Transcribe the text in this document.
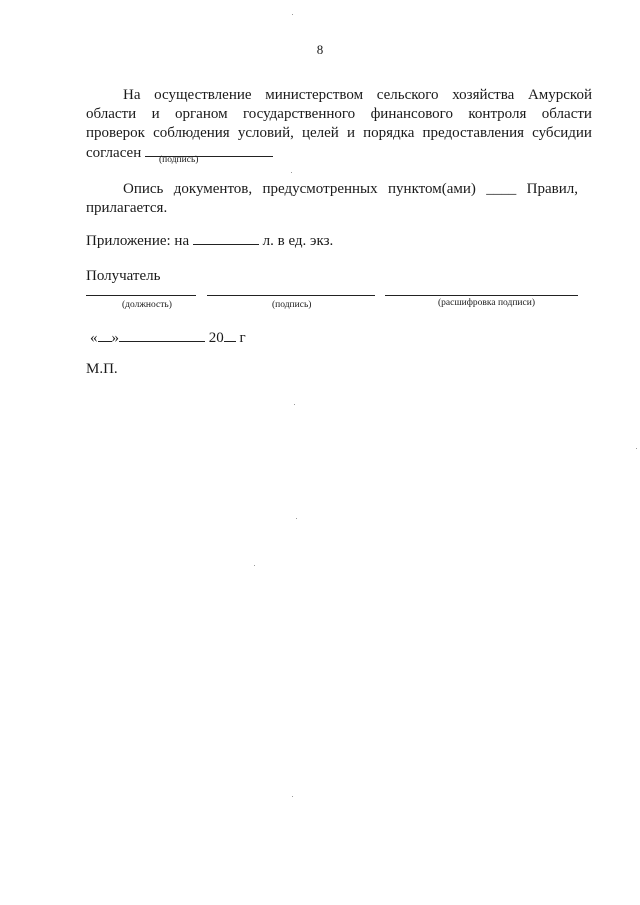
8
На осуществление министерством сельского хозяйства Амурской
области и органом государственного финансового контроля области
проверок соблюдения условий, целей и порядка предоставления субсидии
согласен	(подпись)
Опись документов, предусмотренных пунктом(ами) ____ Правил,
прилагается.
Приложение: на	л. в ед. экз.
Получатель
(должность)	(подпись)	(расшифровка подписи)
« »	20 г
М.П.
